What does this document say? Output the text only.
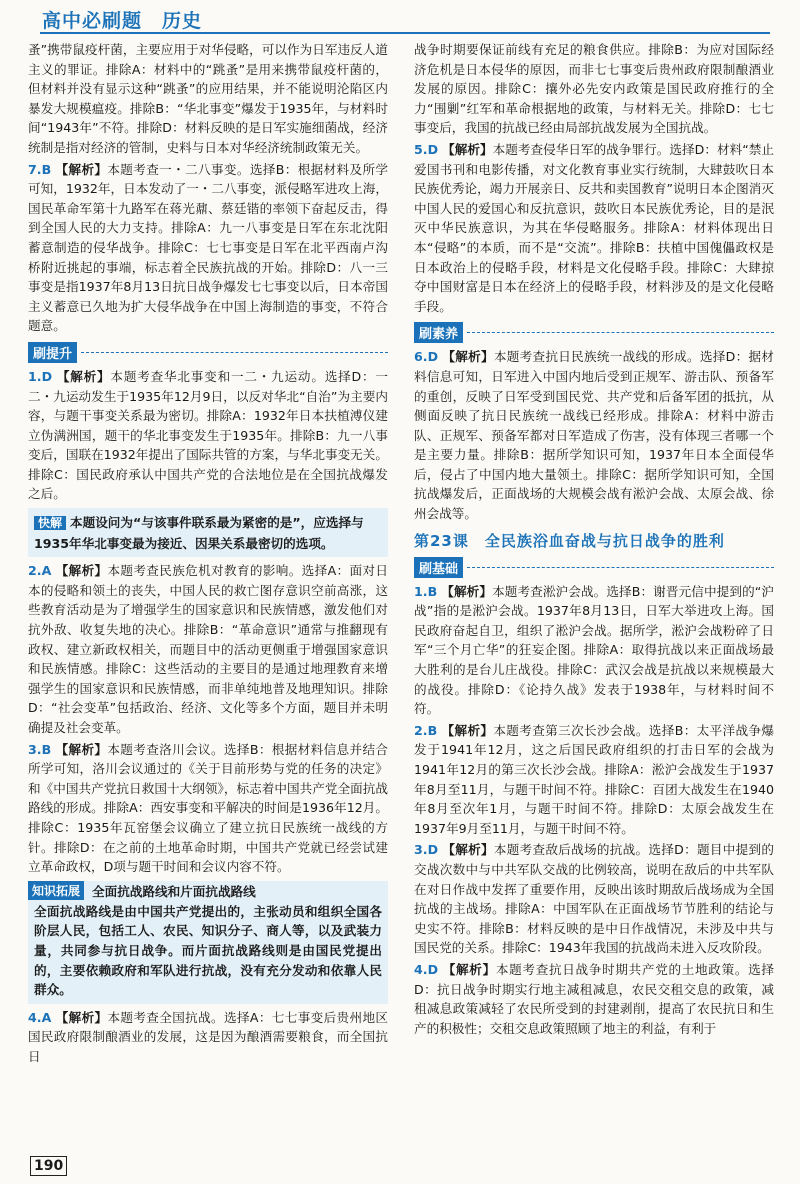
高中必刷题　历史

蚤”携带鼠疫杆菌，主要应用于对华侵略，可以作为日军违反人道主义的罪证。排除A：材料中的“跳蚤”是用来携带鼠疫杆菌的，但材料并没有显示这种“跳蚤”的应用结果，并不能说明沦陷区内暴发大规模瘟疫。排除B：“华北事变”爆发于1935年，与材料时间“1943年”不符。排除D：材料反映的是日军实施细菌战，经济统制是指对经济的管制，史料与日本对华经济统制政策无关。

7.B 【解析】本题考查一・二八事变。选择B：根据材料及所学可知，1932年，日本发动了一・二八事变，派侵略军进攻上海，国民革命军第十九路军在蒋光鼐、蔡廷锴的率领下奋起反击，得到全国人民的大力支持。排除A：九一八事变是日军在东北沈阳蓄意制造的侵华战争。排除C：七七事变是日军在北平西南卢沟桥附近挑起的事端，标志着全民族抗战的开始。排除D：八一三事变是指1937年8月13日抗日战争爆发七七事变以后，日本帝国主义蓄意已久地为扩大侵华战争在中国上海制造的事变，不符合题意。

刷提升

1.D 【解析】本题考查华北事变和一二・九运动。选择D：一二・九运动发生于1935年12月9日，以反对华北“自治”为主要内容，与题干事变关系最为密切。排除A：1932年日本扶植溥仪建立伪满洲国，题干的华北事变发生于1935年。排除B：九一八事变后，国联在1932年提出了国际共管的方案，与华北事变无关。排除C：国民政府承认中国共产党的合法地位是在全国抗战爆发之后。

快解 本题设问为“与该事件联系最为紧密的是”，应选择与1935年华北事变最为接近、因果关系最密切的选项。

2.A 【解析】本题考查民族危机对教育的影响。选择A：面对日本的侵略和领土的丧失，中国人民的救亡图存意识空前高涨，这些教育活动是为了增强学生的国家意识和民族情感，激发他们对抗外敌、收复失地的决心。排除B：“革命意识”通常与推翻现有政权、建立新政权相关，而题目中的活动更侧重于增强国家意识和民族情感。排除C：这些活动的主要目的是通过地理教育来增强学生的国家意识和民族情感，而非单纯地普及地理知识。排除D：“社会变革”包括政治、经济、文化等多个方面，题目并未明确提及社会变革。

3.B 【解析】本题考查洛川会议。选择B：根据材料信息并结合所学可知，洛川会议通过的《关于目前形势与党的任务的决定》和《中国共产党抗日救国十大纲领》，标志着中国共产党全面抗战路线的形成。排除A：西安事变和平解决的时间是1936年12月。排除C：1935年瓦窑堡会议确立了建立抗日民族统一战线的方针。排除D：在之前的土地革命时期，中国共产党就已经尝试建立革命政权，D项与题干时间和会议内容不符。

知识拓展 全面抗战路线和片面抗战路线
全面抗战路线是由中国共产党提出的，主张动员和组织全国各阶层人民，包括工人、农民、知识分子、商人等，以及武装力量，共同参与抗日战争。而片面抗战路线则是由国民党提出的，主要依赖政府和军队进行抗战，没有充分发动和依靠人民群众。

4.A 【解析】本题考查全国抗战。选择A：七七事变后贵州地区国民政府限制酿酒业的发展，这是因为酿酒需要粮食，而全国抗日

战争时期要保证前线有充足的粮食供应。排除B：为应对国际经济危机是日本侵华的原因，而非七七事变后贵州政府限制酿酒业发展的原因。排除C：攘外必先安内政策是国民政府推行的全力“围剿”红军和革命根据地的政策，与材料无关。排除D：七七事变后，我国的抗战已经由局部抗战发展为全国抗战。

5.D 【解析】本题考查侵华日军的战争罪行。选择D：材料“禁止爱国书刊和电影传播，对文化教育事业实行统制，大肆鼓吹日本民族优秀论，竭力开展亲日、反共和卖国教育”说明日本企图消灭中国人民的爱国心和反抗意识，鼓吹日本民族优秀论，目的是泯灭中华民族意识，为其在华侵略服务。排除A：材料体现出日本“侵略”的本质，而不是“交流”。排除B：扶植中国傀儡政权是日本政治上的侵略手段，材料是文化侵略手段。排除C：大肆掠夺中国财富是日本在经济上的侵略手段，材料涉及的是文化侵略手段。

刷素养

6.D 【解析】本题考查抗日民族统一战线的形成。选择D：据材料信息可知，日军进入中国内地后受到正规军、游击队、预备军的重创，反映了日军受到国民党、共产党和后备军团的抵抗，从侧面反映了抗日民族统一战线已经形成。排除A：材料中游击队、正规军、预备军都对日军造成了伤害，没有体现三者哪一个是主要力量。排除B：据所学知识可知，1937年日本全面侵华后，侵占了中国内地大量领土。排除C：据所学知识可知，全国抗战爆发后，正面战场的大规模会战有淞沪会战、太原会战、徐州会战等。

第23课　全民族浴血奋战与抗日战争的胜利
刷基础

1.B 【解析】本题考查淞沪会战。选择B：谢晋元信中提到的“沪战”指的是淞沪会战。1937年8月13日，日军大举进攻上海。国民政府奋起自卫，组织了淞沪会战。据所学，淞沪会战粉碎了日军“三个月亡华”的狂妄企图。排除A：取得抗战以来正面战场最大胜利的是台儿庄战役。排除C：武汉会战是抗战以来规模最大的战役。排除D：《论持久战》发表于1938年，与材料时间不符。

2.B 【解析】本题考查第三次长沙会战。选择B：太平洋战争爆发于1941年12月，这之后国民政府组织的打击日军的会战为1941年12月的第三次长沙会战。排除A：淞沪会战发生于1937年8月至11月，与题干时间不符。排除C：百团大战发生在1940年8月至次年1月，与题干时间不符。排除D：太原会战发生在1937年9月至11月，与题干时间不符。

3.D 【解析】本题考查敌后战场的抗战。选择D：题目中提到的交战次数中与中共军队交战的比例较高，说明在敌后的中共军队在对日作战中发挥了重要作用，反映出该时期敌后战场成为全国抗战的主战场。排除A：中国军队在正面战场节节胜利的结论与史实不符。排除B：材料反映的是中日作战情况，未涉及中共与国民党的关系。排除C：1943年我国的抗战尚未进入反攻阶段。

4.D 【解析】本题考查抗日战争时期共产党的土地政策。选择D：抗日战争时期实行地主减租减息，农民交租交息的政策，减租减息政策减轻了农民所受到的封建剥削，提高了农民抗日和生产的积极性；交租交息政策照顾了地主的利益，有利于

190
